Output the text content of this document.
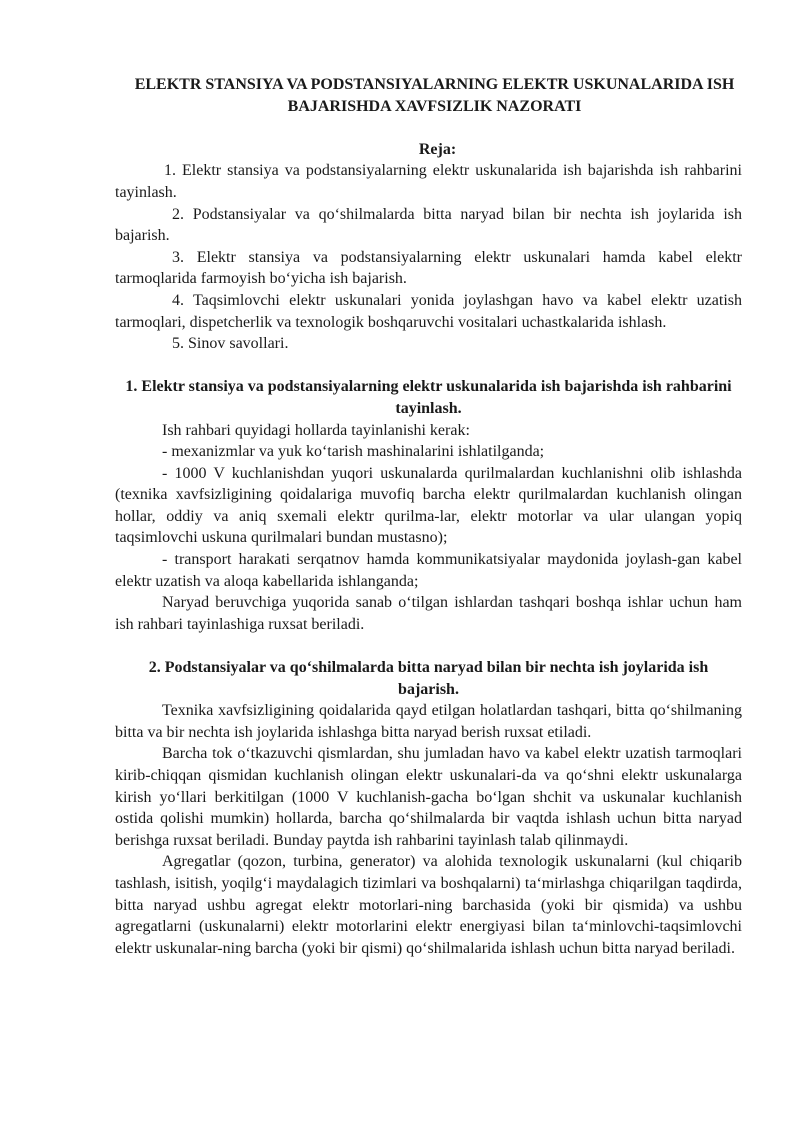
ELEKTR STANSIYA VA PODSTANSIYALARNING ELEKTR USKUNALARIDA ISH BAJARISHDA XAVFSIZLIK NAZORATI

Reja:

1. Elektr stansiya va podstansiyalarning elektr uskunalarida ish bajarishda ish rahbarini tayinlash.

2. Podstansiyalar va qo‘shilmalarda bitta naryad bilan bir nechta ish joylarida ish bajarish.

3. Elektr stansiya va podstansiyalarning elektr uskunalari hamda kabel elektr tarmoqlarida farmoyish bo‘yicha ish bajarish.

4. Taqsimlovchi elektr uskunalari yonida joylashgan havo va kabel elektr uzatish tarmoqlari, dispetcherlik va texnologik boshqaruvchi vositalari uchastkalarida ishlash.

5. Sinov savollari.

1. Elektr stansiya va podstansiyalarning elektr uskunalarida ish bajarishda ish rahbarini tayinlash.

Ish rahbari quyidagi hollarda tayinlanishi kerak:

- mexanizmlar va yuk ko‘tarish mashinalarini ishlatilganda;

- 1000 V kuchlanishdan yuqori uskunalarda qurilmalardan kuchlanishni olib ishlashda (texnika xavfsizligining qoidalariga muvofiq barcha elektr qurilmalardan kuchlanish olingan hollar, oddiy va aniq sxemali elektr qurilma-lar, elektr motorlar va ular ulangan yopiq taqsimlovchi uskuna qurilmalari bundan mustasno);

- transport harakati serqatnov hamda kommunikatsiyalar maydonida joylash-gan kabel elektr uzatish va aloqa kabellarida ishlanganda;

Naryad beruvchiga yuqorida sanab o‘tilgan ishlardan tashqari boshqa ishlar uchun ham ish rahbari tayinlashiga ruxsat beriladi.

2. Podstansiyalar va qo‘shilmalarda bitta naryad bilan bir nechta ish joylarida ish bajarish.

Texnika xavfsizligining qoidalarida qayd etilgan holatlardan tashqari, bitta qo‘shilmaning bitta va bir nechta ish joylarida ishlashga bitta naryad berish ruxsat etiladi.

Barcha tok o‘tkazuvchi qismlardan, shu jumladan havo va kabel elektr uzatish tarmoqlari kirib-chiqqan qismidan kuchlanish olingan elektr uskunalari-da va qo‘shni elektr uskunalarga kirish yo‘llari berkitilgan (1000 V kuchlanish-gacha bo‘lgan shchit va uskunalar kuchlanish ostida qolishi mumkin) hollarda, barcha qo‘shilmalarda bir vaqtda ishlash uchun bitta naryad berishga ruxsat beriladi. Bunday paytda ish rahbarini tayinlash talab qilinmaydi.

Agregatlar (qozon, turbina, generator) va alohida texnologik uskunalarni (kul chiqarib tashlash, isitish, yoqilg‘i maydalagich tizimlari va boshqalarni) ta‘mirlashga chiqarilgan taqdirda, bitta naryad ushbu agregat elektr motorlari-ning barchasida (yoki bir qismida) va ushbu agregatlarni (uskunalarni) elektr motorlarini elektr energiyasi bilan ta‘minlovchi-taqsimlovchi elektr uskunalar-ning barcha (yoki bir qismi) qo‘shilmalarida ishlash uchun bitta naryad beriladi.
